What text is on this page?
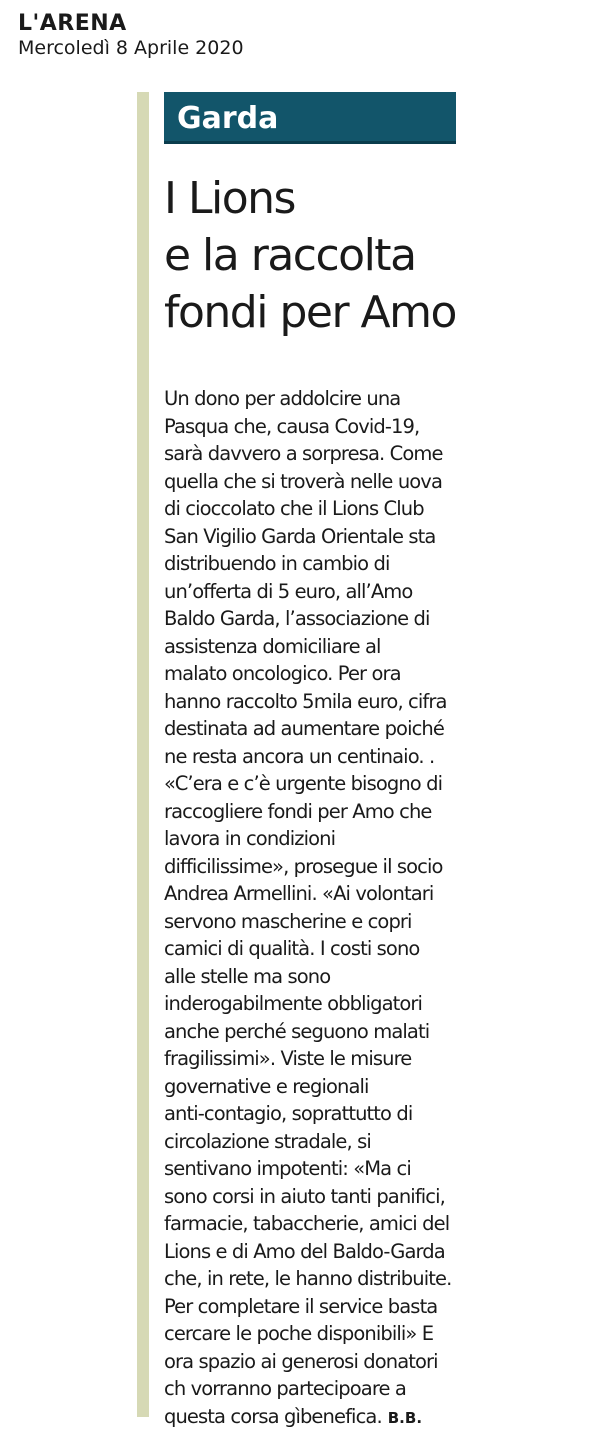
L'ARENA
Mercoledì 8 Aprile 2020
Garda
I Lions
e la raccolta
fondi per Amo
Un dono per addolcire una
Pasqua che, causa Covid-19,
sarà davvero a sorpresa. Come
quella che si troverà nelle uova
di cioccolato che il Lions Club
San Vigilio Garda Orientale sta
distribuendo in cambio di
un’offerta di 5 euro, all’Amo
Baldo Garda, l’associazione di
assistenza domiciliare al
malato oncologico. Per ora
hanno raccolto 5mila euro, cifra
destinata ad aumentare poiché
ne resta ancora un centinaio. .
«C’era e c’è urgente bisogno di
raccogliere fondi per Amo che
lavora in condizioni
difficilissime», prosegue il socio
Andrea Armellini. «Ai volontari
servono mascherine e copri
camici di qualità. I costi sono
alle stelle ma sono
inderogabilmente obbligatori
anche perché seguono malati
fragilissimi». Viste le misure
governative e regionali
anti-contagio, soprattutto di
circolazione stradale, si
sentivano impotenti: «Ma ci
sono corsi in aiuto tanti panifici,
farmacie, tabaccherie, amici del
Lions e di Amo del Baldo-Garda
che, in rete, le hanno distribuite.
Per completare il service basta
cercare le poche disponibili» E
ora spazio ai generosi donatori
ch vorranno partecipoare a
questa corsa gìbenefica. B.B.
